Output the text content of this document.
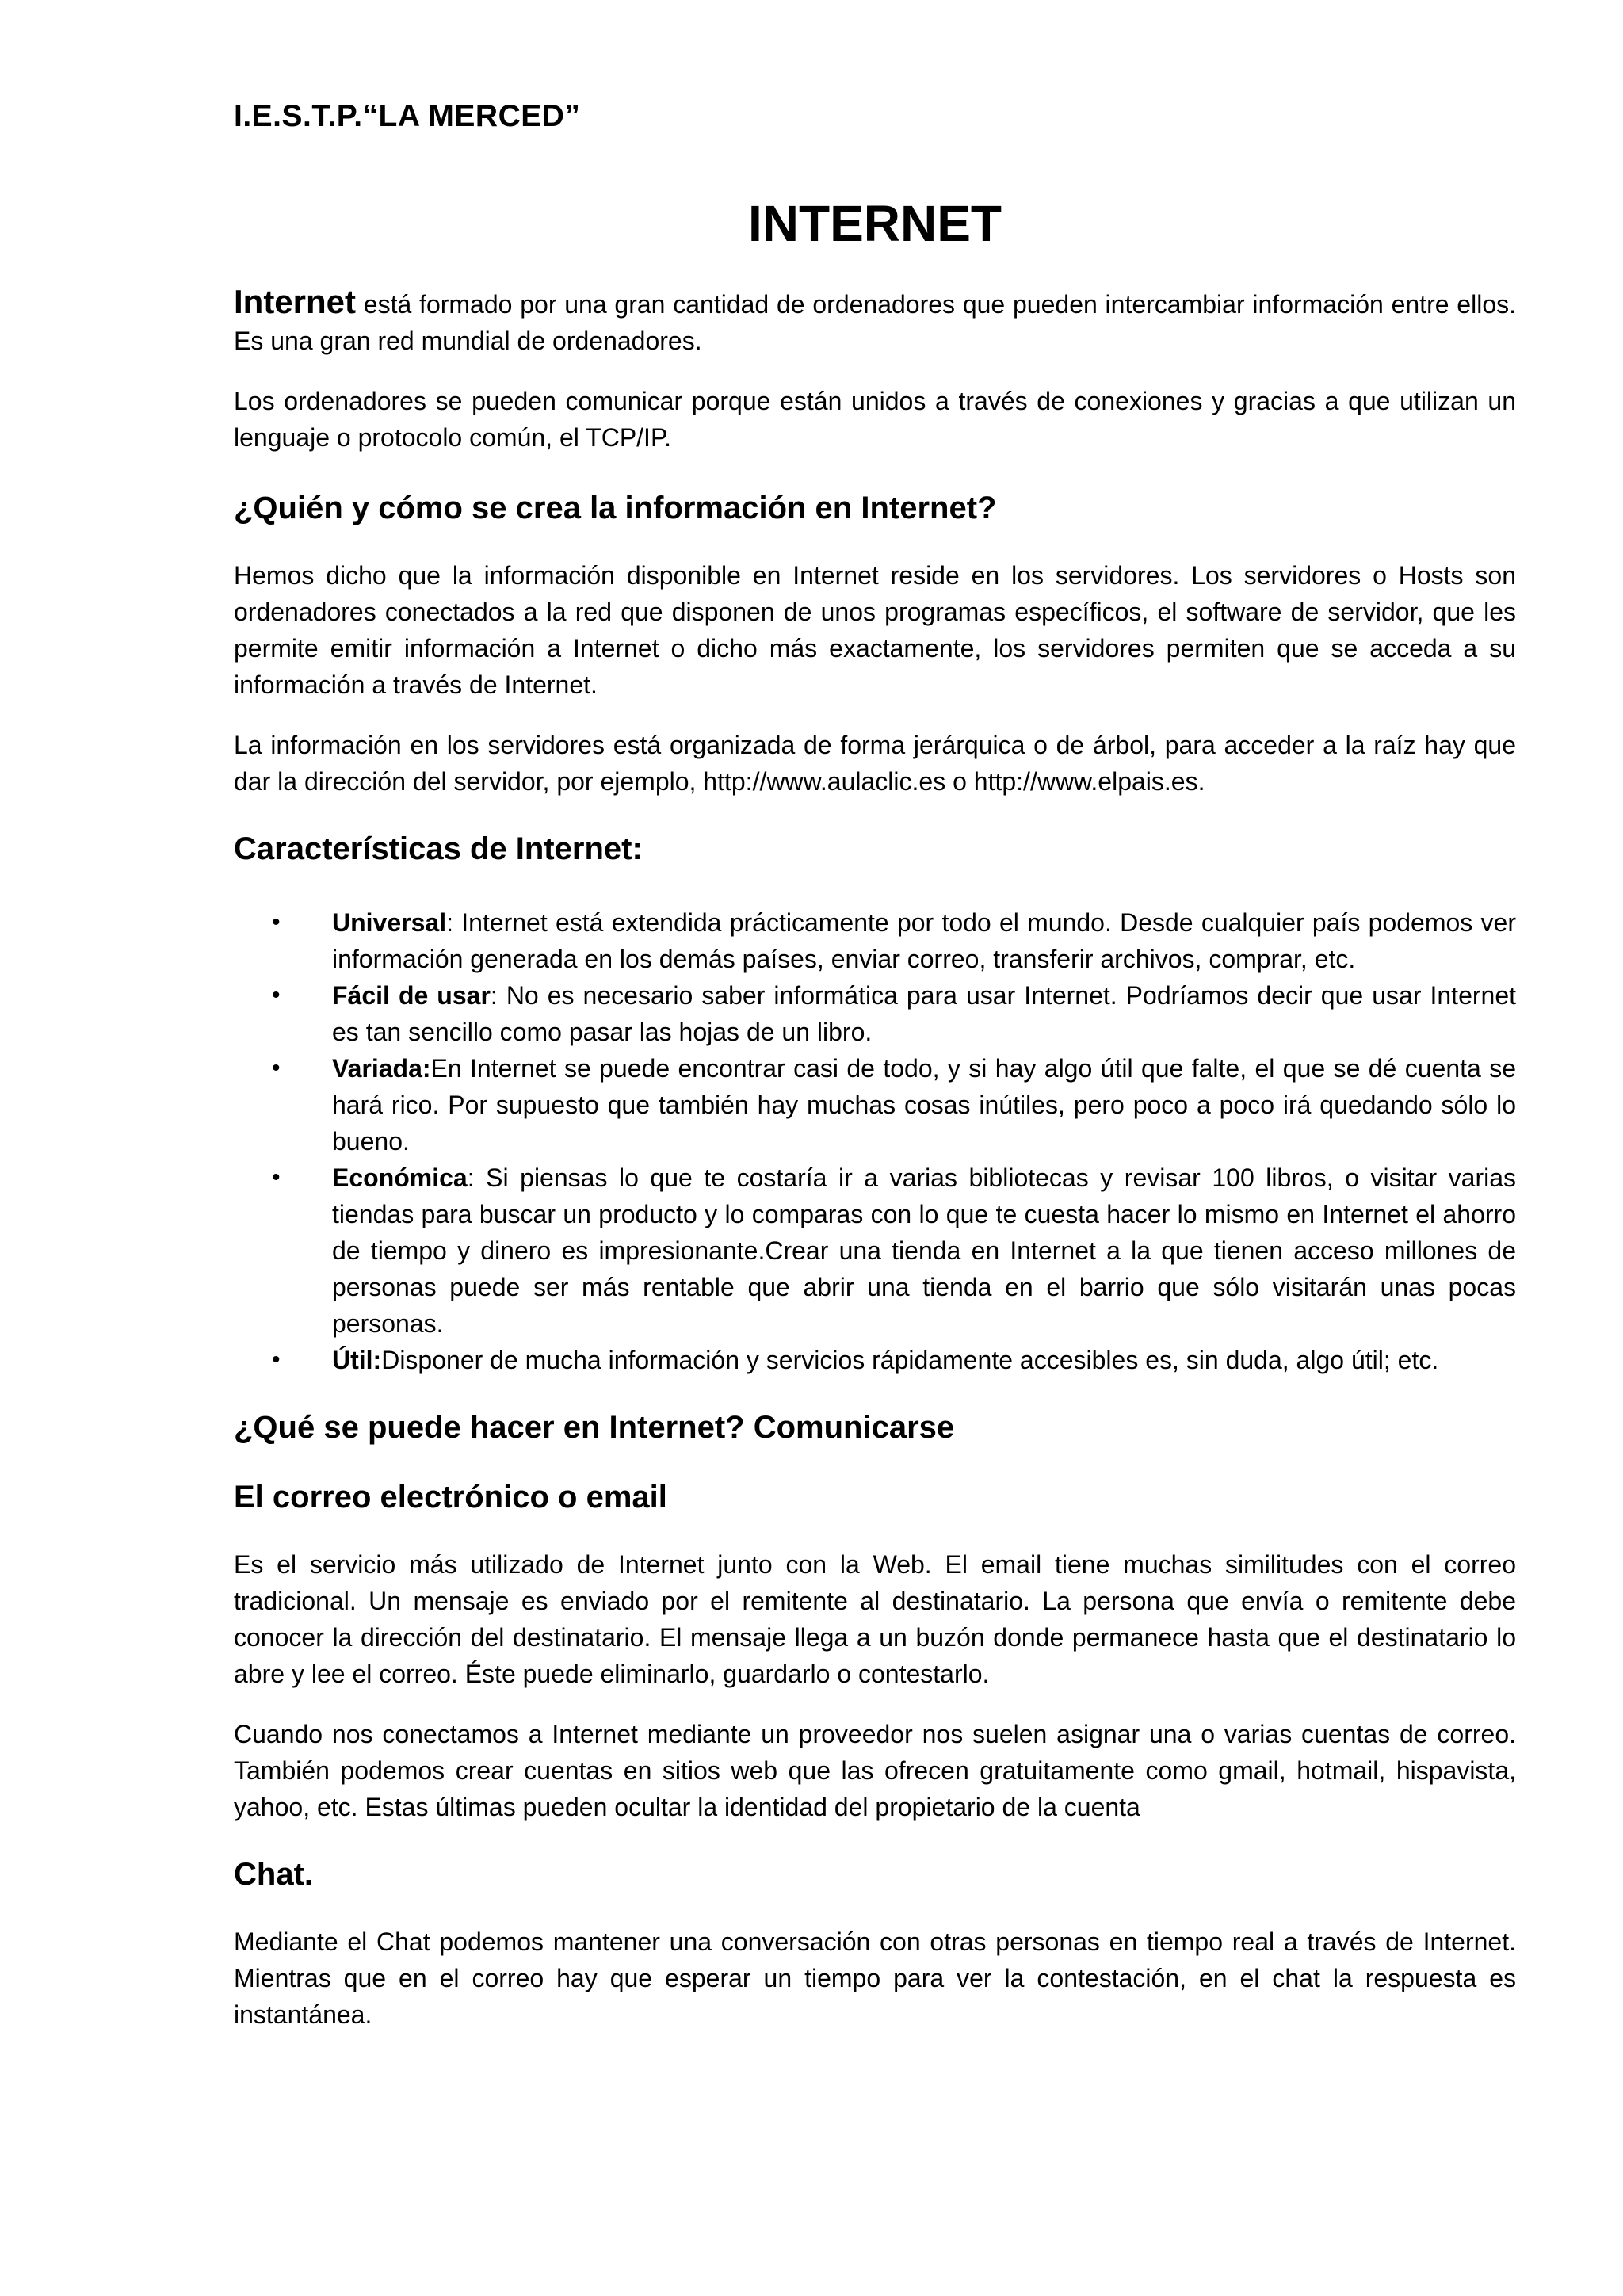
I.E.S.T.P.“LA MERCED”
INTERNET

Internet está formado por una gran cantidad de ordenadores que pueden intercambiar información entre ellos. Es una gran red mundial de ordenadores.

Los ordenadores se pueden comunicar porque están unidos a través de conexiones y gracias a que utilizan un lenguaje o protocolo común, el TCP/IP.

¿Quién y cómo se crea la información en Internet?

Hemos dicho que la información disponible en Internet reside en los servidores. Los servidores o Hosts son ordenadores conectados a la red que disponen de unos programas específicos, el software de servidor, que les permite emitir información a Internet o dicho más exactamente, los servidores permiten que se acceda a su información a través de Internet.

La información en los servidores está organizada de forma jerárquica o de árbol, para acceder a la raíz hay que dar la dirección del servidor, por ejemplo, http://www.aulaclic.es o http://www.elpais.es.

Características de Internet:
• Universal: Internet está extendida prácticamente por todo el mundo. Desde cualquier país podemos ver información generada en los demás países, enviar correo, transferir archivos, comprar, etc.
• Fácil de usar: No es necesario saber informática para usar Internet. Podríamos decir que usar Internet es tan sencillo como pasar las hojas de un libro.
• Variada:En Internet se puede encontrar casi de todo, y si hay algo útil que falte, el que se dé cuenta se hará rico. Por supuesto que también hay muchas cosas inútiles, pero poco a poco irá quedando sólo lo bueno.
• Económica: Si piensas lo que te costaría ir a varias bibliotecas y revisar 100 libros, o visitar varias tiendas para buscar un producto y lo comparas con lo que te cuesta hacer lo mismo en Internet el ahorro de tiempo y dinero es impresionante.Crear una tienda en Internet a la que tienen acceso millones de personas puede ser más rentable que abrir una tienda en el barrio que sólo visitarán unas pocas personas.
• Útil:Disponer de mucha información y servicios rápidamente accesibles es, sin duda, algo útil; etc.
¿Qué se puede hacer en Internet? Comunicarse
El correo electrónico o email

Es el servicio más utilizado de Internet junto con la Web. El email tiene muchas similitudes con el correo tradicional. Un mensaje es enviado por el remitente al destinatario. La persona que envía o remitente debe conocer la dirección del destinatario. El mensaje llega a un buzón donde permanece hasta que el destinatario lo abre y lee el correo. Éste puede eliminarlo, guardarlo o contestarlo.

Cuando nos conectamos a Internet mediante un proveedor nos suelen asignar una o varias cuentas de correo. También podemos crear cuentas en sitios web que las ofrecen gratuitamente como gmail, hotmail, hispavista, yahoo, etc. Estas últimas pueden ocultar la identidad del propietario de la cuenta

Chat.

Mediante el Chat podemos mantener una conversación con otras personas en tiempo real a través de Internet. Mientras que en el correo hay que esperar un tiempo para ver la contestación, en el chat la respuesta es instantánea.
